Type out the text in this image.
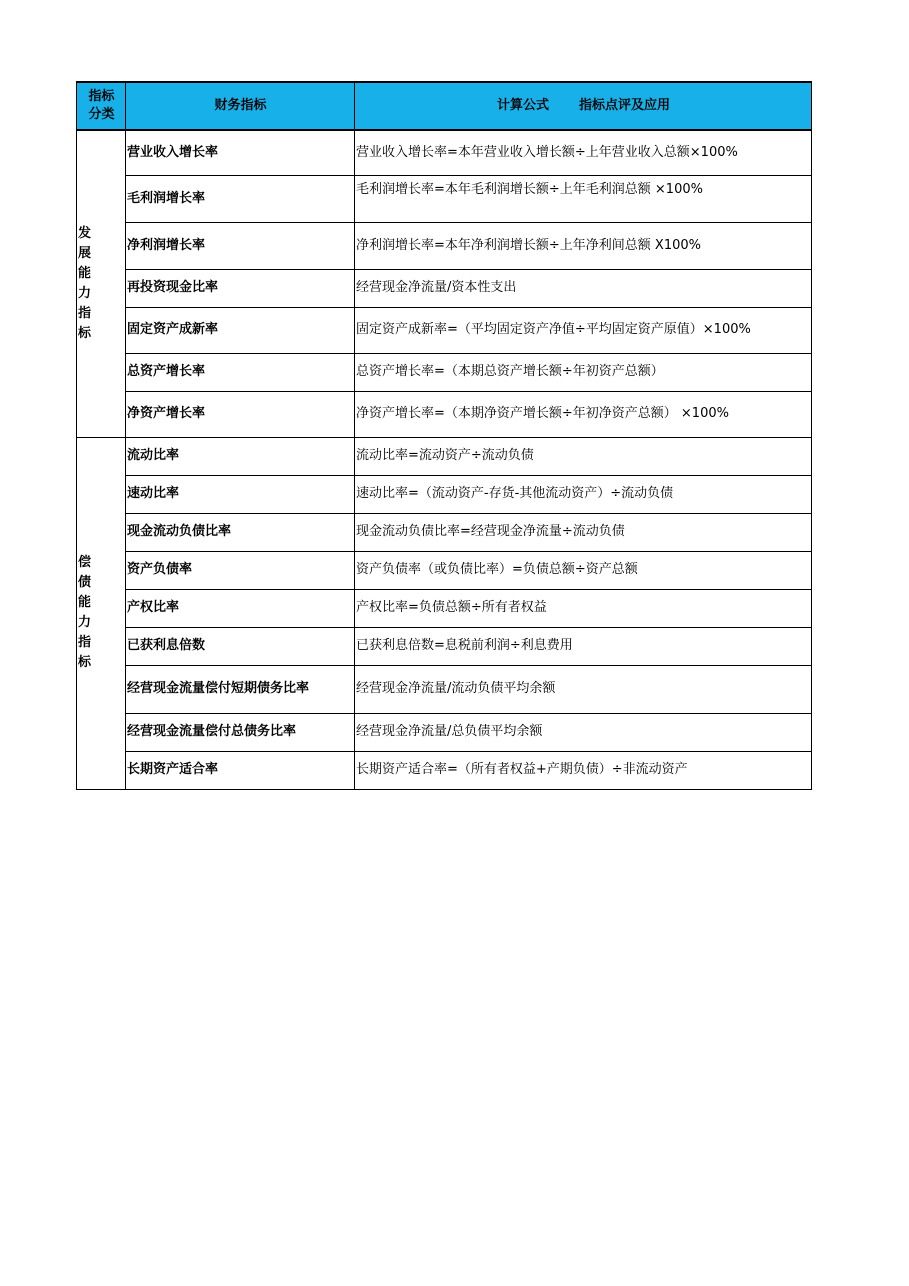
指标
分类	财务指标	计算公式 指标点评及应用

发展能力指标	营业收入增长率	营业收入增长率=本年营业收入增长额÷上年营业收入总额×100%
	毛利润增长率	毛利润增长率=本年毛利润增长额÷上年毛利润总额 ×100%
	净利润增长率	净利润增长率=本年净利润增长额÷上年净利间总额 X100%
	再投资现金比率	经营现金净流量/资本性支出
	固定资产成新率	固定资产成新率=（平均固定资产净值÷平均固定资产原值）×100%
	总资产增长率	总资产增长率=（本期总资产增长额÷年初资产总额）
	净资产增长率	净资产增长率=（本期净资产增长额÷年初净资产总额） ×100%

偿债能力指标	流动比率	流动比率=流动资产÷流动负债
	速动比率	速动比率=（流动资产-存货-其他流动资产）÷流动负债
	现金流动负债比率	现金流动负债比率=经营现金净流量÷流动负债
	资产负债率	资产负债率（或负债比率）=负债总额÷资产总额
	产权比率	产权比率=负债总额÷所有者权益
	已获利息倍数	已获利息倍数=息税前利润÷利息费用
	经营现金流量偿付短期债务比率	经营现金净流量/流动负债平均余额
	经营现金流量偿付总债务比率	经营现金净流量/总负债平均余额
	长期资产适合率	长期资产适合率=（所有者权益+产期负债）÷非流动资产
